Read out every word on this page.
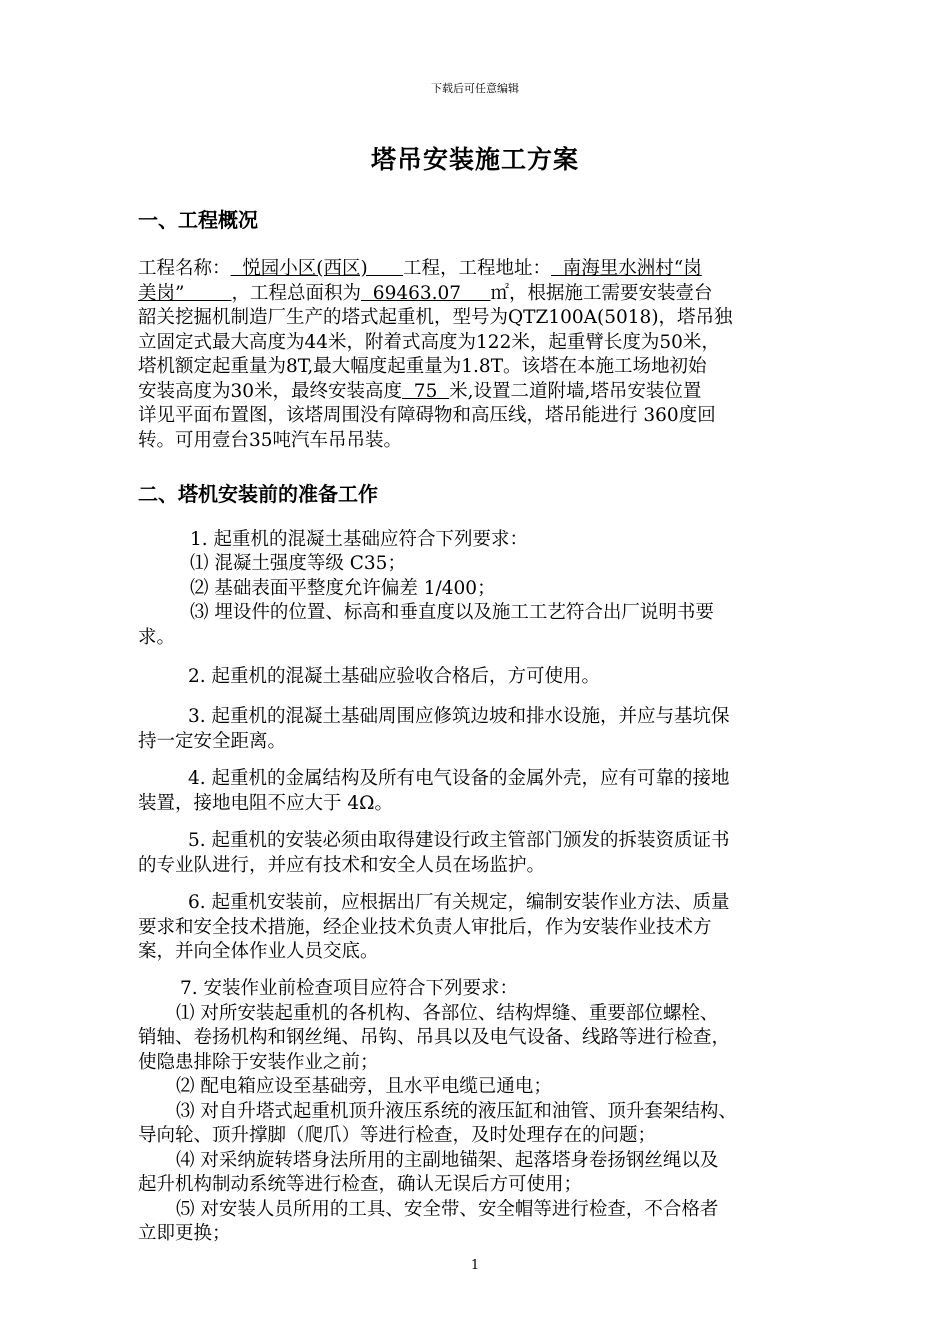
下载后可任意编辑
塔吊安装施工方案
一、工程概况
工程名称：  悦园小区(西区)      工程，工程地址：  南海里水洲村“岗
美岗”        ，工程总面积为  69463.07     ㎡，根据施工需要安装壹台
韶关挖掘机制造厂生产的塔式起重机，型号为QTZ100A(5018)，塔吊独
立固定式最大高度为44米，附着式高度为122米，起重臂长度为50米，
塔机额定起重量为8T,最大幅度起重量为1.8T。该塔在本施工场地初始
安装高度为30米，最终安装高度  75  米,设置二道附墙,塔吊安装位置
详见平面布置图，该塔周围没有障碍物和高压线，塔吊能进行 360度回
转。可用壹台35吨汽车吊吊装。
二、塔机安装前的准备工作
1. 起重机的混凝土基础应符合下列要求：
⑴ 混凝土强度等级 C35；
⑵ 基础表面平整度允许偏差 1/400；
⑶ 埋设件的位置、标高和垂直度以及施工工艺符合出厂说明书要
求。
2. 起重机的混凝土基础应验收合格后，方可使用。
3. 起重机的混凝土基础周围应修筑边坡和排水设施，并应与基坑保
持一定安全距离。
4. 起重机的金属结构及所有电气设备的金属外壳，应有可靠的接地
装置，接地电阻不应大于 4Ω。
5. 起重机的安装必须由取得建设行政主管部门颁发的拆装资质证书
的专业队进行，并应有技术和安全人员在场监护。
6. 起重机安装前，应根据出厂有关规定，编制安装作业方法、质量
要求和安全技术措施，经企业技术负责人审批后，作为安装作业技术方
案，并向全体作业人员交底。
7. 安装作业前检查项目应符合下列要求：
⑴ 对所安装起重机的各机构、各部位、结构焊缝、重要部位螺栓、
销轴、卷扬机构和钢丝绳、吊钩、吊具以及电气设备、线路等进行检查，
使隐患排除于安装作业之前；
⑵ 配电箱应设至基础旁，且水平电缆已通电；
⑶ 对自升塔式起重机顶升液压系统的液压缸和油管、顶升套架结构、
导向轮、顶升撑脚（爬爪）等进行检查，及时处理存在的问题；
⑷ 对采纳旋转塔身法所用的主副地锚架、起落塔身卷扬钢丝绳以及
起升机构制动系统等进行检查，确认无误后方可使用；
⑸ 对安装人员所用的工具、安全带、安全帽等进行检查，不合格者
立即更换；
1
